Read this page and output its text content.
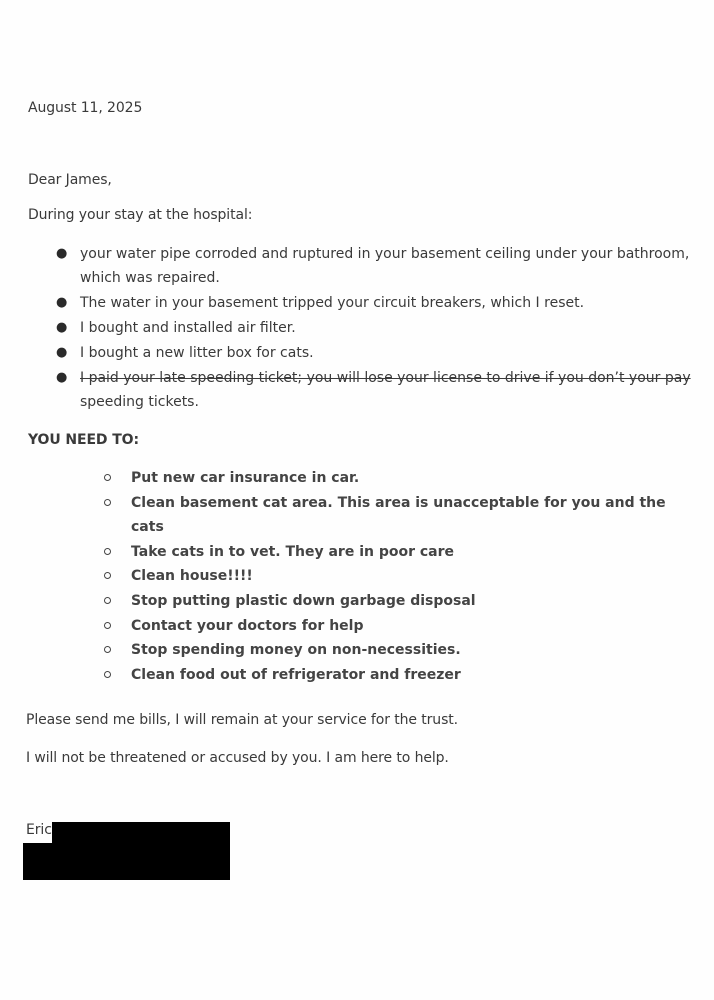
August 11, 2025
Dear James,
During your stay at the hospital:
● your water pipe corroded and ruptured in your basement ceiling under your bathroom, which was repaired.
● The water in your basement tripped your circuit breakers, which I reset.
● I bought and installed air filter.
● I bought a new litter box for cats.
● I paid your late speeding ticket; you will lose your license to drive if you don’t your pay speeding tickets.
YOU NEED TO:
Put new car insurance in car.
Clean basement cat area. This area is unacceptable for you and the cats
Take cats in to vet. They are in poor care
Clean house!!!!
Stop putting plastic down garbage disposal
Contact your doctors for help
Stop spending money on non-necessities.
Clean food out of refrigerator and freezer
Please send me bills, I will remain at your service for the trust.
I will not be threatened or accused by you. I am here to help.
Eric
